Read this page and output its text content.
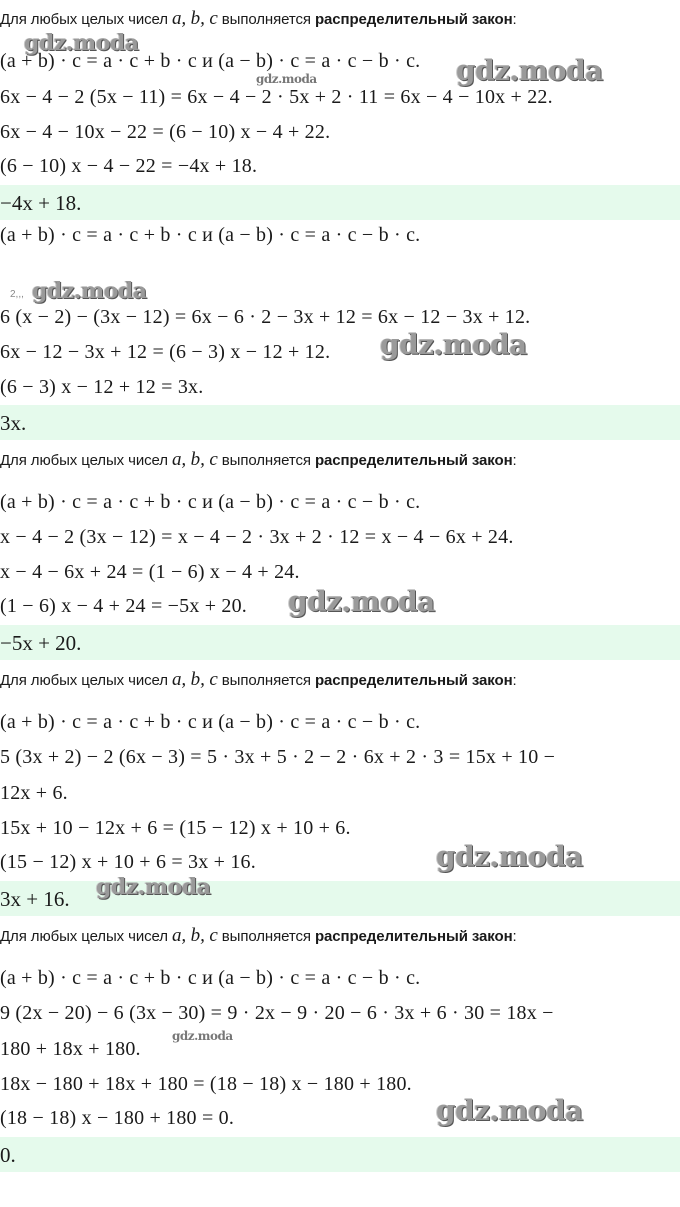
Для любых целых чисел a, b, c выполняется распределительный закон:
(a + b) · c = a · c + b · c и (a − b) · c = a · c − b · c.
6x − 4 − 2 (5x − 11) = 6x − 4 − 2 · 5x + 2 · 11 = 6x − 4 − 10x + 22.
6x − 4 − 10x − 22 = (6 − 10) x − 4 + 22.
(6 − 10) x − 4 − 22 = −4x + 18.
−4x + 18.
(a + b) · c = a · c + b · c и (a − b) · c = a · c − b · c.
2,,,
6 (x − 2) − (3x − 12) = 6x − 6 · 2 − 3x + 12 = 6x − 12 − 3x + 12.
6x − 12 − 3x + 12 = (6 − 3) x − 12 + 12.
(6 − 3) x − 12 + 12 = 3x.
3x.
Для любых целых чисел a, b, c выполняется распределительный закон:
(a + b) · c = a · c + b · c и (a − b) · c = a · c − b · c.
x − 4 − 2 (3x − 12) = x − 4 − 2 · 3x + 2 · 12 = x − 4 − 6x + 24.
x − 4 − 6x + 24 = (1 − 6) x − 4 + 24.
(1 − 6) x − 4 + 24 = −5x + 20.
−5x + 20.
Для любых целых чисел a, b, c выполняется распределительный закон:
(a + b) · c = a · c + b · c и (a − b) · c = a · c − b · c.
5 (3x + 2) − 2 (6x − 3) = 5 · 3x + 5 · 2 − 2 · 6x + 2 · 3 = 15x + 10 −
12x + 6.
15x + 10 − 12x + 6 = (15 − 12) x + 10 + 6.
(15 − 12) x + 10 + 6 = 3x + 16.
3x + 16.
Для любых целых чисел a, b, c выполняется распределительный закон:
(a + b) · c = a · c + b · c и (a − b) · c = a · c − b · c.
9 (2x − 20) − 6 (3x − 30) = 9 · 2x − 9 · 20 − 6 · 3x + 6 · 30 = 18x −
180 + 18x + 180.
18x − 180 + 18x + 180 = (18 − 18) x − 180 + 180.
(18 − 18) x − 180 + 180 = 0.
0.
gdz.moda
gdz.moda	gdz.moda
gdz.moda
gdz.moda
gdz.moda
gdz.moda
gdz.moda
gdz.moda
gdz.moda
